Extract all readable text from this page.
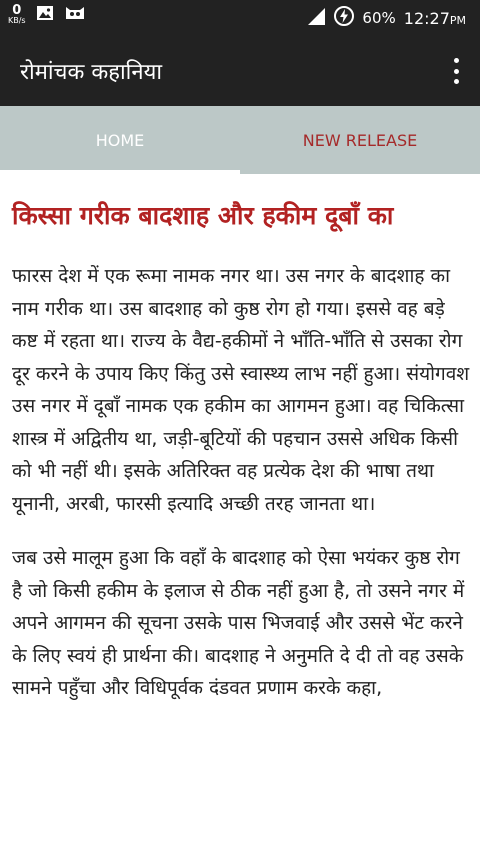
0
KB/s	60% 12:27PM
रोमांचक कहानिया
HOME	NEW RELEASE
किस्सा गरीक बादशाह और हकीम दूबाँ का

फारस देश में एक रूमा नामक नगर था। उस नगर के बादशाह का नाम गरीक था। उस बादशाह को कुष्ठ रोग हो गया। इससे वह बड़े कष्ट में रहता था। राज्य के वैद्य-हकीमों ने भाँति-भाँति से उसका रोग दूर करने के उपाय किए किंतु उसे स्वास्थ्य लाभ नहीं हुआ। संयोगवश उस नगर में दूबाँ नामक एक हकीम का आगमन हुआ। वह चिकित्सा शास्त्र में अद्वितीय था, जड़ी-बूटियों की पहचान उससे अधिक किसी को भी नहीं थी। इसके अतिरिक्त वह प्रत्येक देश की भाषा तथा यूनानी, अरबी, फारसी इत्यादि अच्छी तरह जानता था।

जब उसे मालूम हुआ कि वहाँ के बादशाह को ऐसा भयंकर कुष्ठ रोग है जो किसी हकीम के इलाज से ठीक नहीं हुआ है, तो उसने नगर में अपने आगमन की सूचना उसके पास भिजवाई और उससे भेंट करने के लिए स्वयं ही प्रार्थना की। बादशाह ने अनुमति दे दी तो वह उसके सामने पहुँचा और विधिपूर्वक दंडवत प्रणाम करके कहा,
